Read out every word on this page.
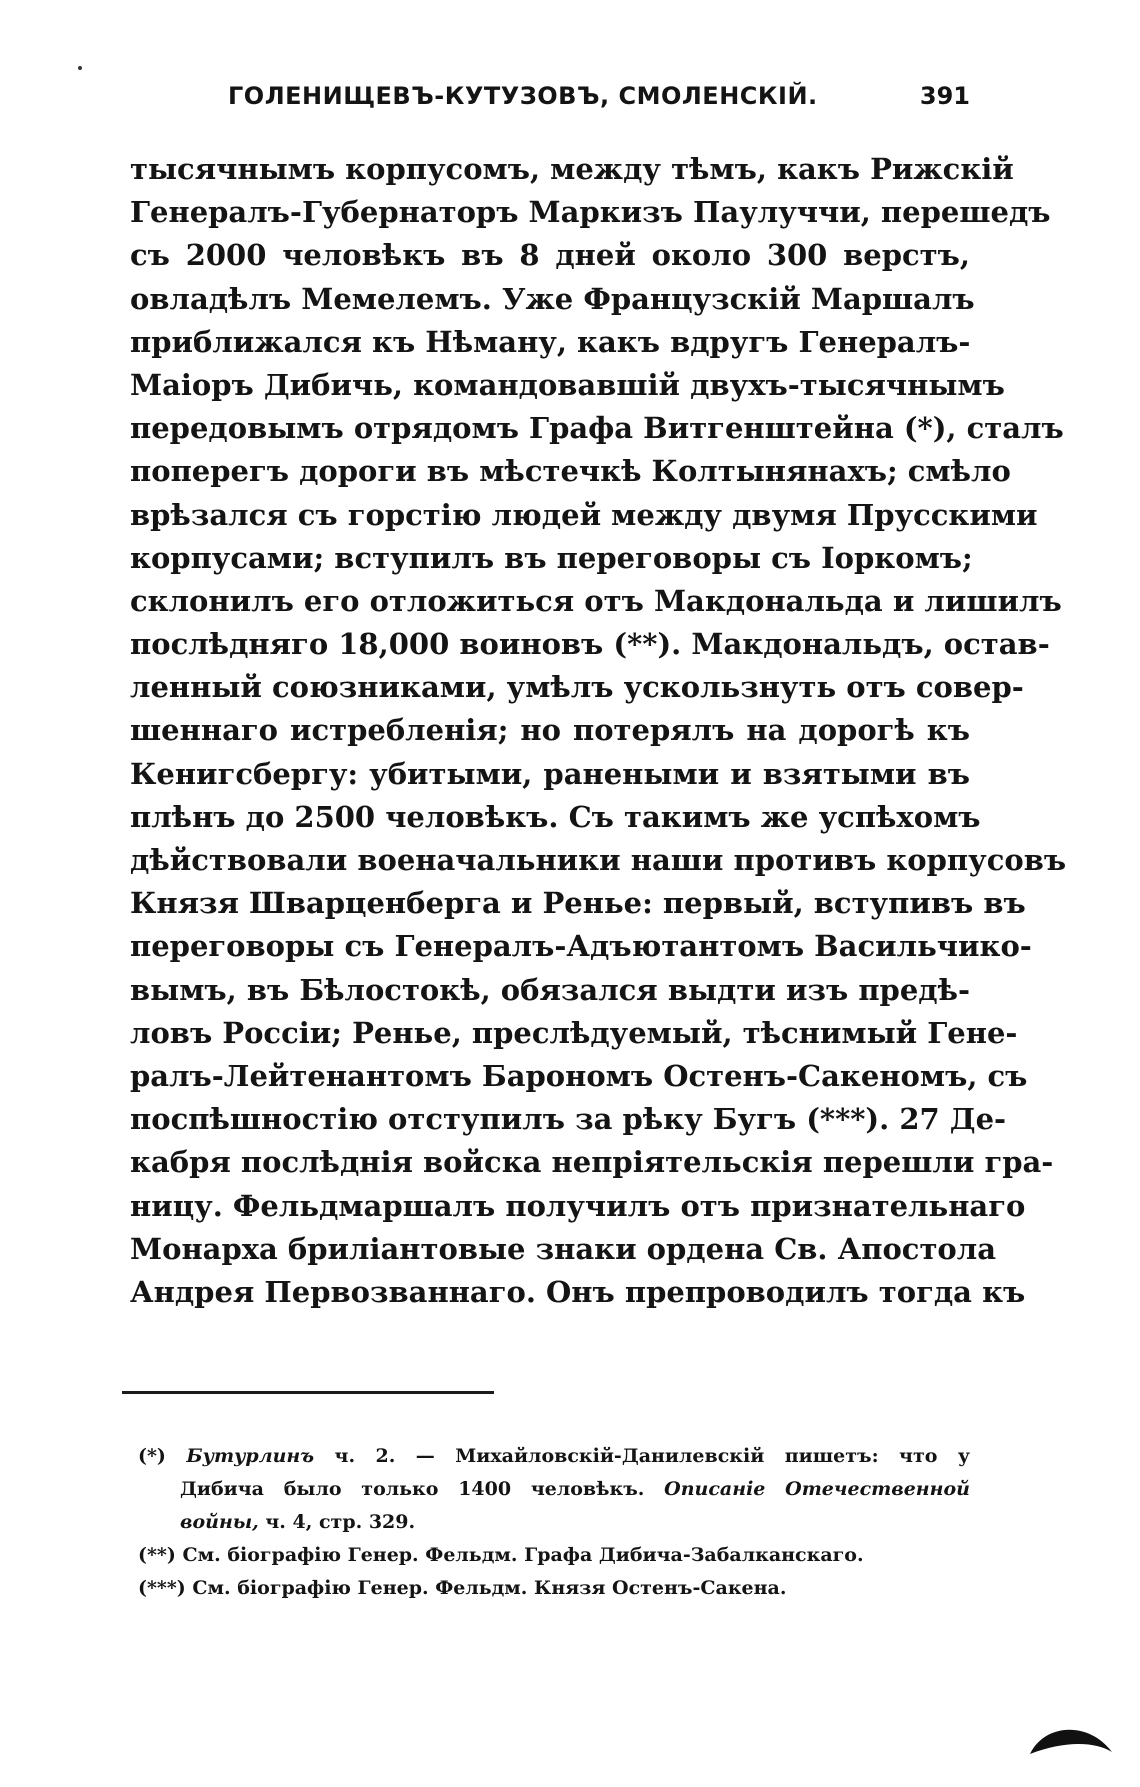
ГОЛЕНИЩЕВЪ-КУТУЗОВЪ, СМОЛЕНСКІЙ.	391
тысячнымъ корпусомъ, между тѣмъ, какъ Рижскій
Генералъ-Губернаторъ Маркизъ Паулуччи, перешедъ
съ 2000 человѣкъ въ 8 дней около 300 верстъ,
овладѣлъ Мемелемъ. Уже Французскій Маршалъ
приближался къ Нѣману, какъ вдругъ Генералъ-
Маіоръ Дибичь, командовавшій двухъ-тысячнымъ
передовымъ отрядомъ Графа Витгенштейна (*), сталъ
поперегъ дороги въ мѣстечкѣ Колтынянахъ; смѣло
врѣзался съ горстію людей между двумя Прусскими
корпусами; вступилъ въ переговоры съ Іоркомъ;
склонилъ его отложиться отъ Макдональда и лишилъ
послѣдняго 18,000 воиновъ (**). Макдональдъ, остав-
ленный союзниками, умѣлъ ускользнуть отъ совер-
шеннаго истребленія; но потерялъ на дорогѣ къ
Кенигсбергу: убитыми, ранеными и взятыми въ
плѣнъ до 2500 человѣкъ. Съ такимъ же успѣхомъ
дѣйствовали военачальники наши противъ корпусовъ
Князя Шварценберга и Ренье: первый, вступивъ въ
переговоры съ Генералъ-Адъютантомъ Васильчико-
вымъ, въ Бѣлостокѣ, обязался выдти изъ предѣ-
ловъ Россіи; Ренье, преслѣдуемый, тѣснимый Гене-
ралъ-Лейтенантомъ Барономъ Остенъ-Сакеномъ, съ
поспѣшностію отступилъ за рѣку Бугъ (***). 27 Де-
кабря послѣднія войска непріятельскія перешли гра-
ницу. Фельдмаршалъ получилъ отъ признательнаго
Монарха бриліантовые знаки ордена Св. Апостола
Андрея Первозваннаго. Онъ препроводилъ тогда къ
(*) Бутурлинъ ч. 2. — Михайловскій-Данилевскій пишетъ: что у
Дибича было только 1400 человѣкъ. Описаніе Отечественной
войны, ч. 4, стр. 329.
(**) См. біографію Генер. Фельдм. Графа Дибича-Забалканскаго.
(***) См. біографію Генер. Фельдм. Князя Остенъ-Сакена.
